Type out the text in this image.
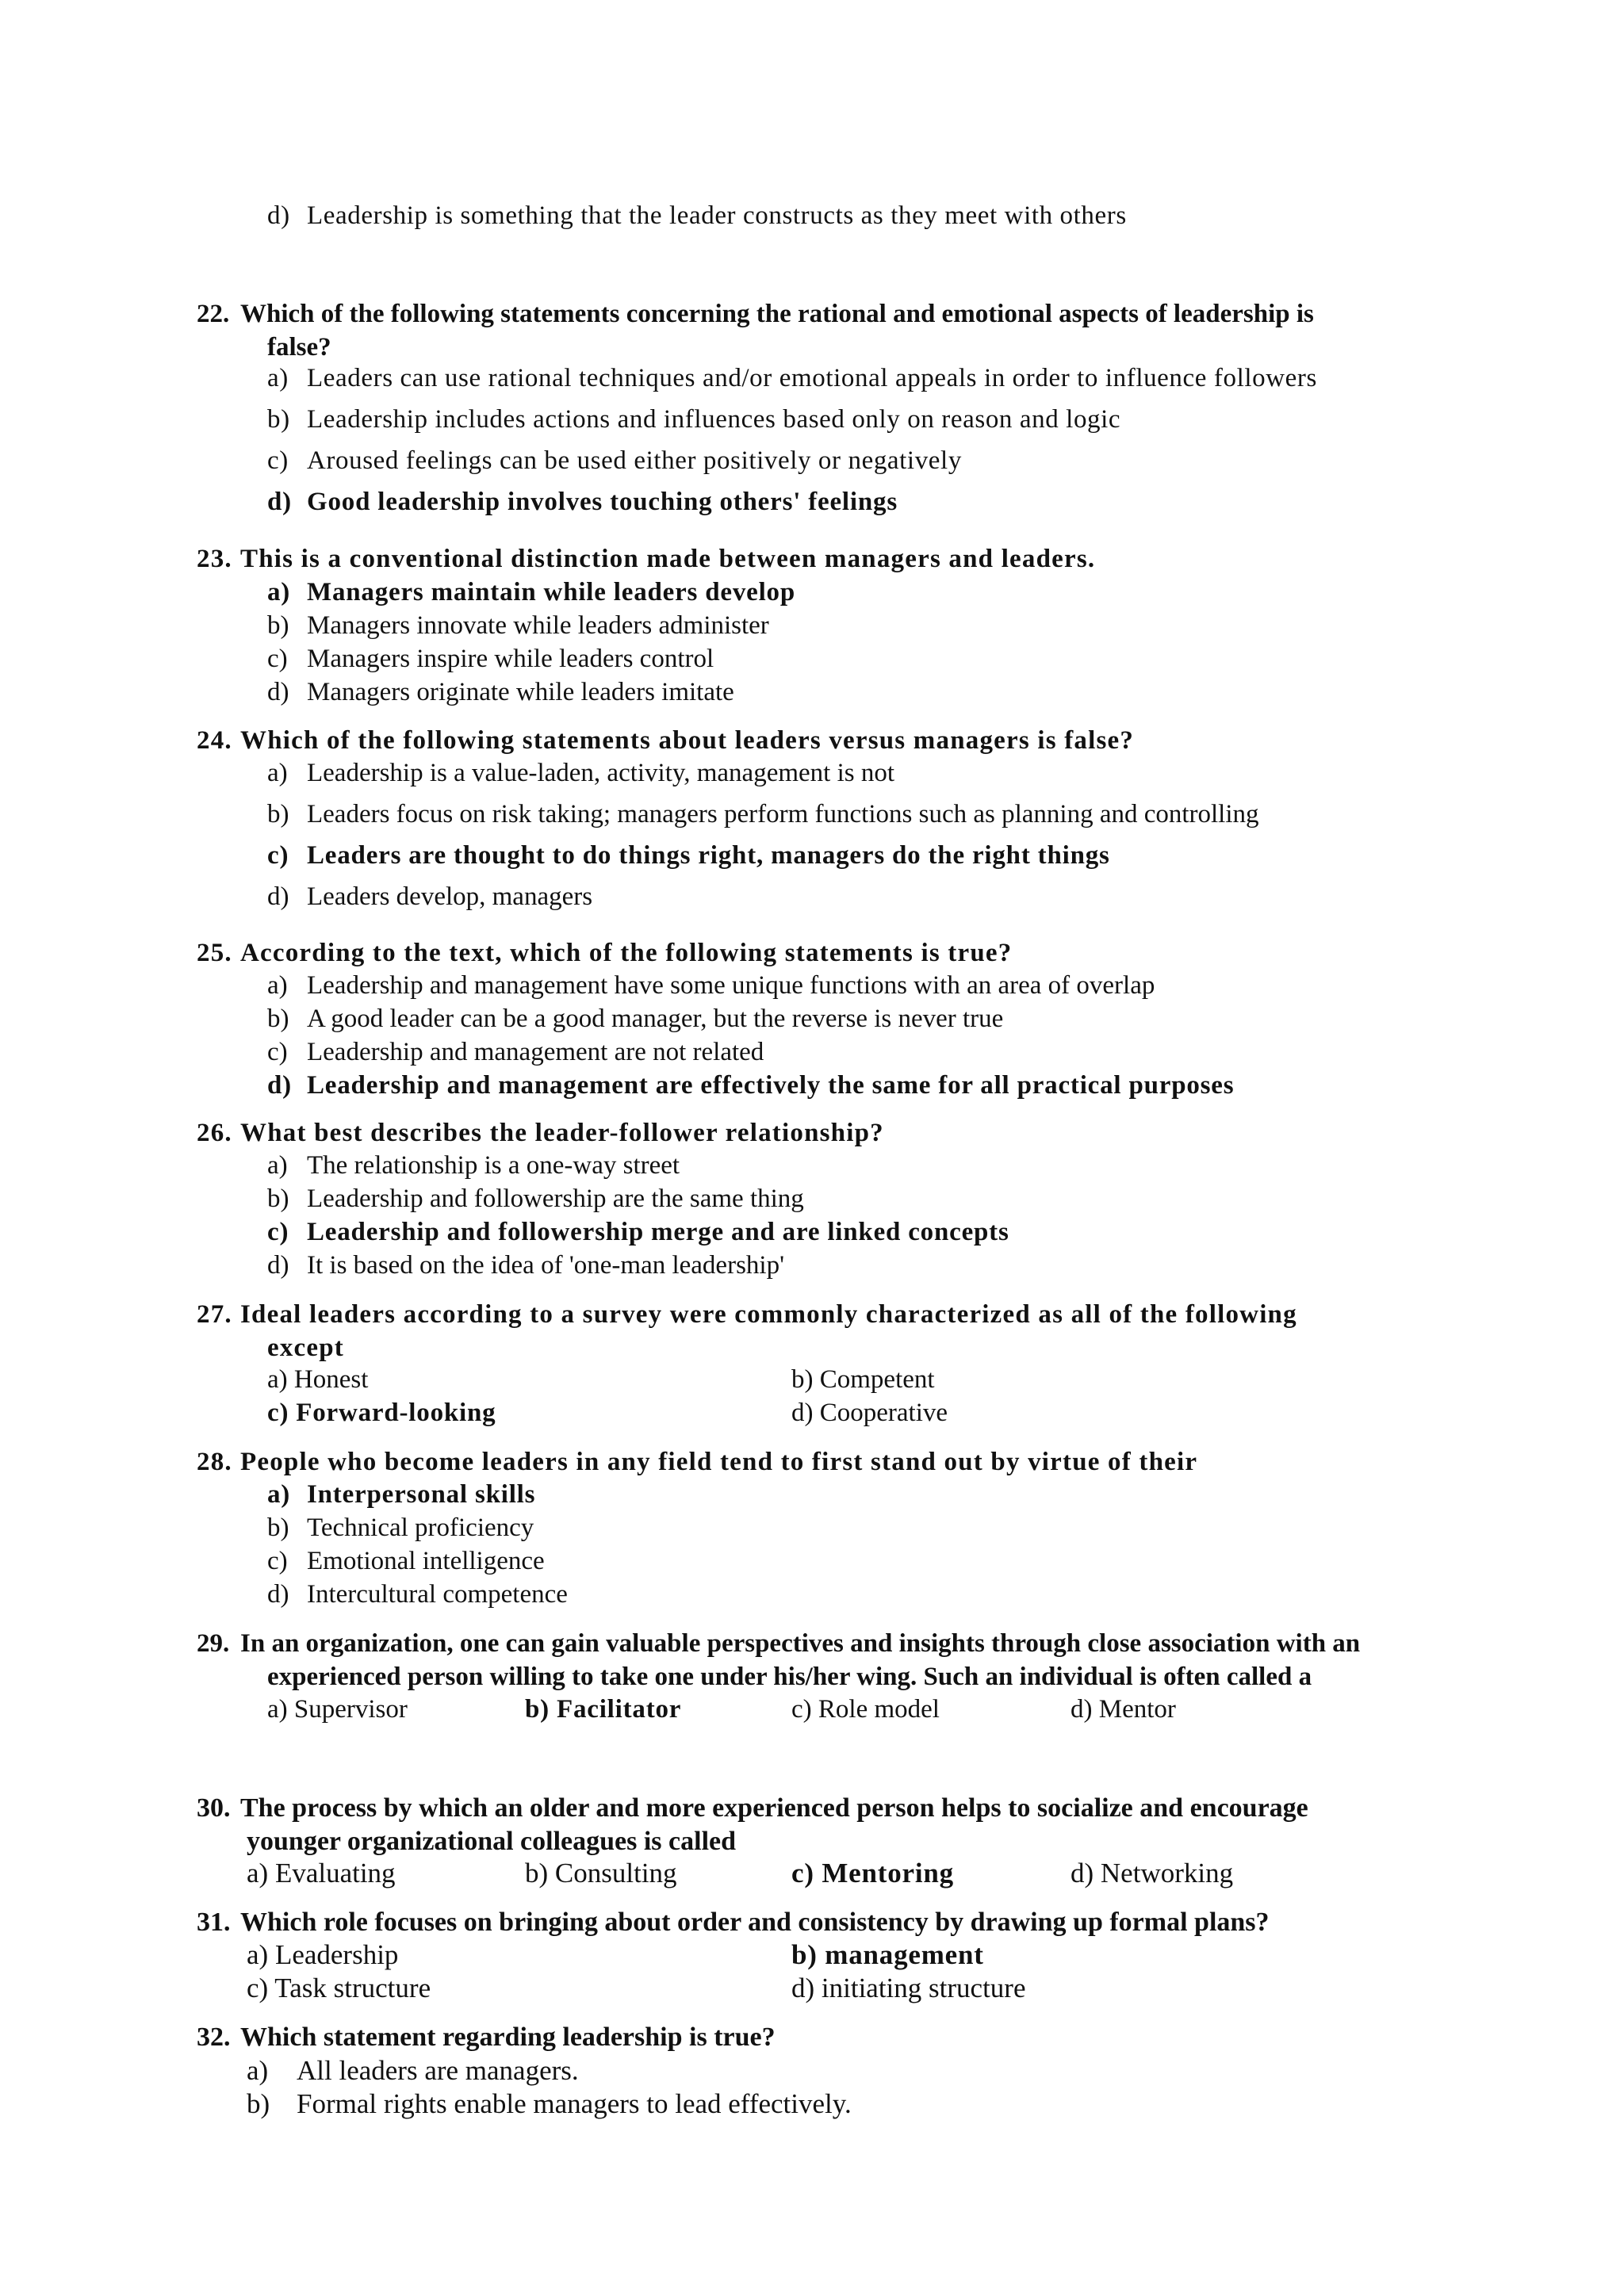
d) Leadership is something that the leader constructs as they meet with others
22. Which of the following statements concerning the rational and emotional aspects of leadership is
false?
a) Leaders can use rational techniques and/or emotional appeals in order to influence followers
b) Leadership includes actions and influences based only on reason and logic
c) Aroused feelings can be used either positively or negatively
d) Good leadership involves touching others' feelings
23. This is a conventional distinction made between managers and leaders.
a) Managers maintain while leaders develop
b) Managers innovate while leaders administer
c) Managers inspire while leaders control
d) Managers originate while leaders imitate
24. Which of the following statements about leaders versus managers is false?
a) Leadership is a value-laden, activity, management is not
b) Leaders focus on risk taking; managers perform functions such as planning and controlling
c) Leaders are thought to do things right, managers do the right things
d) Leaders develop, managers
25. According to the text, which of the following statements is true?
a) Leadership and management have some unique functions with an area of overlap
b) A good leader can be a good manager, but the reverse is never true
c) Leadership and management are not related
d) Leadership and management are effectively the same for all practical purposes
26. What best describes the leader-follower relationship?
a) The relationship is a one-way street
b) Leadership and followership are the same thing
c) Leadership and followership merge and are linked concepts
d) It is based on the idea of 'one-man leadership'
27. Ideal leaders according to a survey were commonly characterized as all of the following
except
a) Honest	b) Competent
c) Forward-looking	d) Cooperative
28. People who become leaders in any field tend to first stand out by virtue of their
a) Interpersonal skills
b) Technical proficiency
c) Emotional intelligence
d) Intercultural competence
29. In an organization, one can gain valuable perspectives and insights through close association with an
experienced person willing to take one under his/her wing. Such an individual is often called a
a) Supervisor	b) Facilitator	c) Role model	d) Mentor
30. The process by which an older and more experienced person helps to socialize and encourage
younger organizational colleagues is called
a) Evaluating	b) Consulting	c) Mentoring	d) Networking
31. Which role focuses on bringing about order and consistency by drawing up formal plans?
a) Leadership	b) management
c) Task structure	d) initiating structure
32. Which statement regarding leadership is true?
a) All leaders are managers.
b) Formal rights enable managers to lead effectively.
